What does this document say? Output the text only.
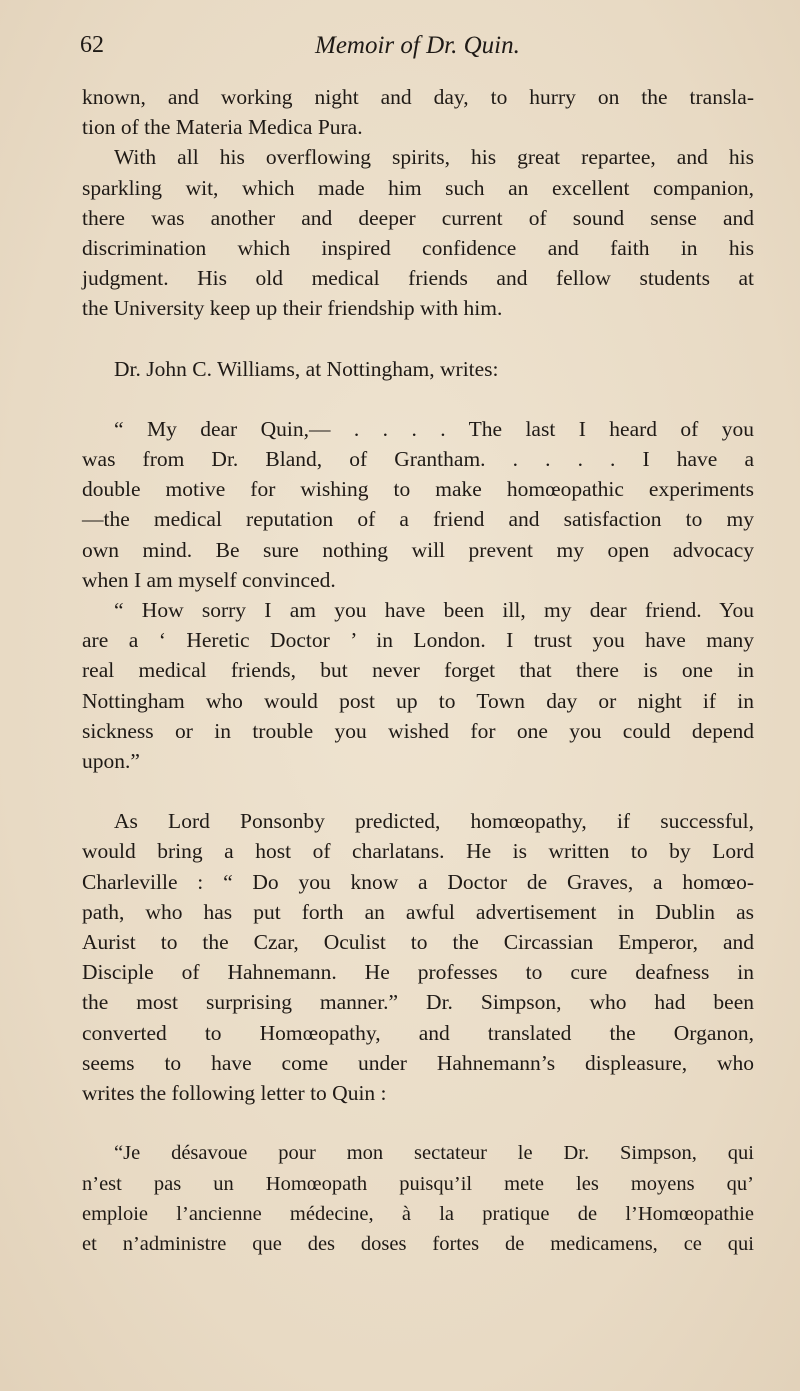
62	Memoir of Dr. Quin.

known, and working night and day, to hurry on the transla-
tion of the Materia Medica Pura.

With all his overflowing spirits, his great repartee, and his
sparkling wit, which made him such an excellent companion,
there was another and deeper current of sound sense and
discrimination which inspired confidence and faith in his
judgment. His old medical friends and fellow students at
the University keep up their friendship with him.

Dr. John C. Williams, at Nottingham, writes:

“ My dear Quin,— . . . . The last I heard of you
was from Dr. Bland, of Grantham. . . . . I have a
double motive for wishing to make homœopathic experiments
—the medical reputation of a friend and satisfaction to my
own mind. Be sure nothing will prevent my open advocacy
when I am myself convinced.

“ How sorry I am you have been ill, my dear friend. You
are a ‘ Heretic Doctor ’ in London. I trust you have many
real medical friends, but never forget that there is one in
Nottingham who would post up to Town day or night if in
sickness or in trouble you wished for one you could depend
upon.”

As Lord Ponsonby predicted, homœopathy, if successful,
would bring a host of charlatans. He is written to by Lord
Charleville : “ Do you know a Doctor de Graves, a homœo-
path, who has put forth an awful advertisement in Dublin as
Aurist to the Czar, Oculist to the Circassian Emperor, and
Disciple of Hahnemann. He professes to cure deafness in
the most surprising manner.” Dr. Simpson, who had been
converted to Homœopathy, and translated the Organon,
seems to have come under Hahnemann’s displeasure, who
writes the following letter to Quin :

“Je désavoue pour mon sectateur le Dr. Simpson, qui
n’est pas un Homœopath puisqu’il mete les moyens qu’
emploie l’ancienne médecine, à la pratique de l’Homœopathie
et n’administre que des doses fortes de medicamens, ce qui
